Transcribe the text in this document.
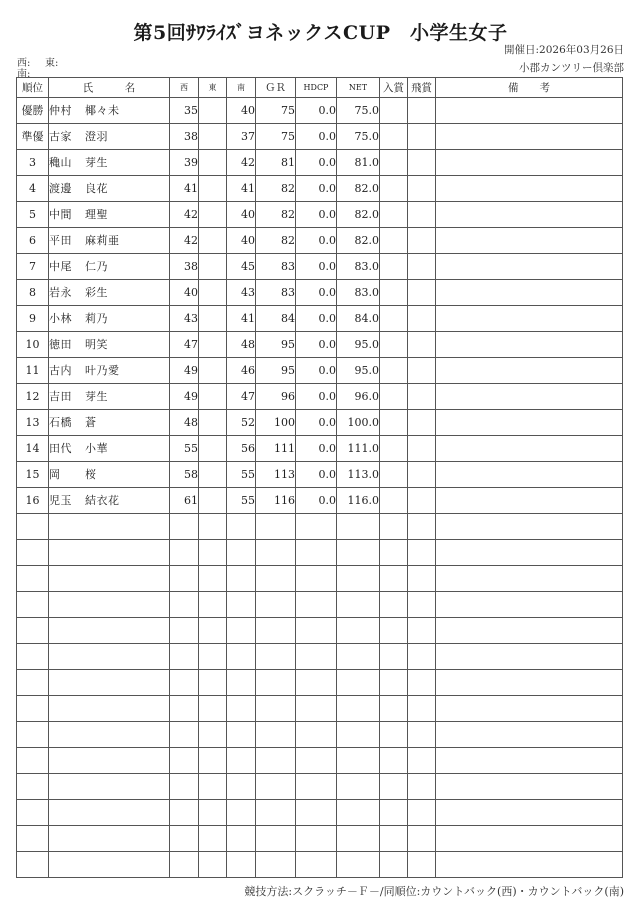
第5回ｻﾜﾗｲｽﾞヨネックスCUP　小学生女子
開催日:2026年03月26日
小郡カンツリー倶楽部
西: 東:
南:
順位	氏　　　名	西	東	南	ＧＲ	HDCP	NET	入賞	飛賞	備　　考
優勝	仲村 椰々未	35		40	75	0.0	75.0			
準優	古家 澄羽	38		37	75	0.0	75.0			
3	穐山 芽生	39		42	81	0.0	81.0			
4	渡邊 良花	41		41	82	0.0	82.0			
5	中間 理聖	42		40	82	0.0	82.0			
6	平田 麻莉亜	42		40	82	0.0	82.0			
7	中尾 仁乃	38		45	83	0.0	83.0			
8	岩永 彩生	40		43	83	0.0	83.0			
9	小林 莉乃	43		41	84	0.0	84.0			
10	徳田 明笑	47		48	95	0.0	95.0			
11	古内 叶乃愛	49		46	95	0.0	95.0			
12	吉田 芽生	49		47	96	0.0	96.0			
13	石橋 蒼	48		52	100	0.0	100.0			
14	田代 小華	55		56	111	0.0	111.0			
15	岡 桜	58		55	113	0.0	113.0			
16	児玉 結衣花	61		55	116	0.0	116.0			

競技方法:スクラッチ－Ｆ－/同順位:カウントバック(西)・カウントバック(南)
